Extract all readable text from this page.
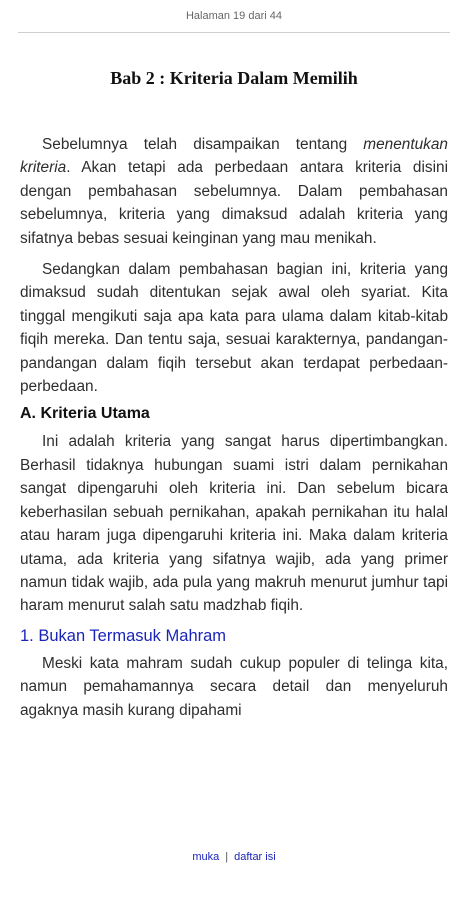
Halaman 19 dari 44
Bab 2 : Kriteria Dalam Memilih

Sebelumnya telah disampaikan tentang menentukan kriteria. Akan tetapi ada perbedaan antara kriteria disini dengan pembahasan sebelumnya. Dalam pembahasan sebelumnya, kriteria yang dimaksud adalah kriteria yang sifatnya bebas sesuai keinginan yang mau menikah.

Sedangkan dalam pembahasan bagian ini, kriteria yang dimaksud sudah ditentukan sejak awal oleh syariat. Kita tinggal mengikuti saja apa kata para ulama dalam kitab-kitab fiqih mereka. Dan tentu saja, sesuai karakternya, pandangan-pandangan dalam fiqih tersebut akan terdapat perbedaan-perbedaan.

A. Kriteria Utama

Ini adalah kriteria yang sangat harus dipertimbangkan. Berhasil tidaknya hubungan suami istri dalam pernikahan sangat dipengaruhi oleh kriteria ini. Dan sebelum bicara keberhasilan sebuah pernikahan, apakah pernikahan itu halal atau haram juga dipengaruhi kriteria ini. Maka dalam kriteria utama, ada kriteria yang sifatnya wajib, ada yang primer namun tidak wajib, ada pula yang makruh menurut jumhur tapi haram menurut salah satu madzhab fiqih.

1. Bukan Termasuk Mahram

Meski kata mahram sudah cukup populer di telinga kita, namun pemahamannya secara detail dan menyeluruh agaknya masih kurang dipahami

muka | daftar isi
